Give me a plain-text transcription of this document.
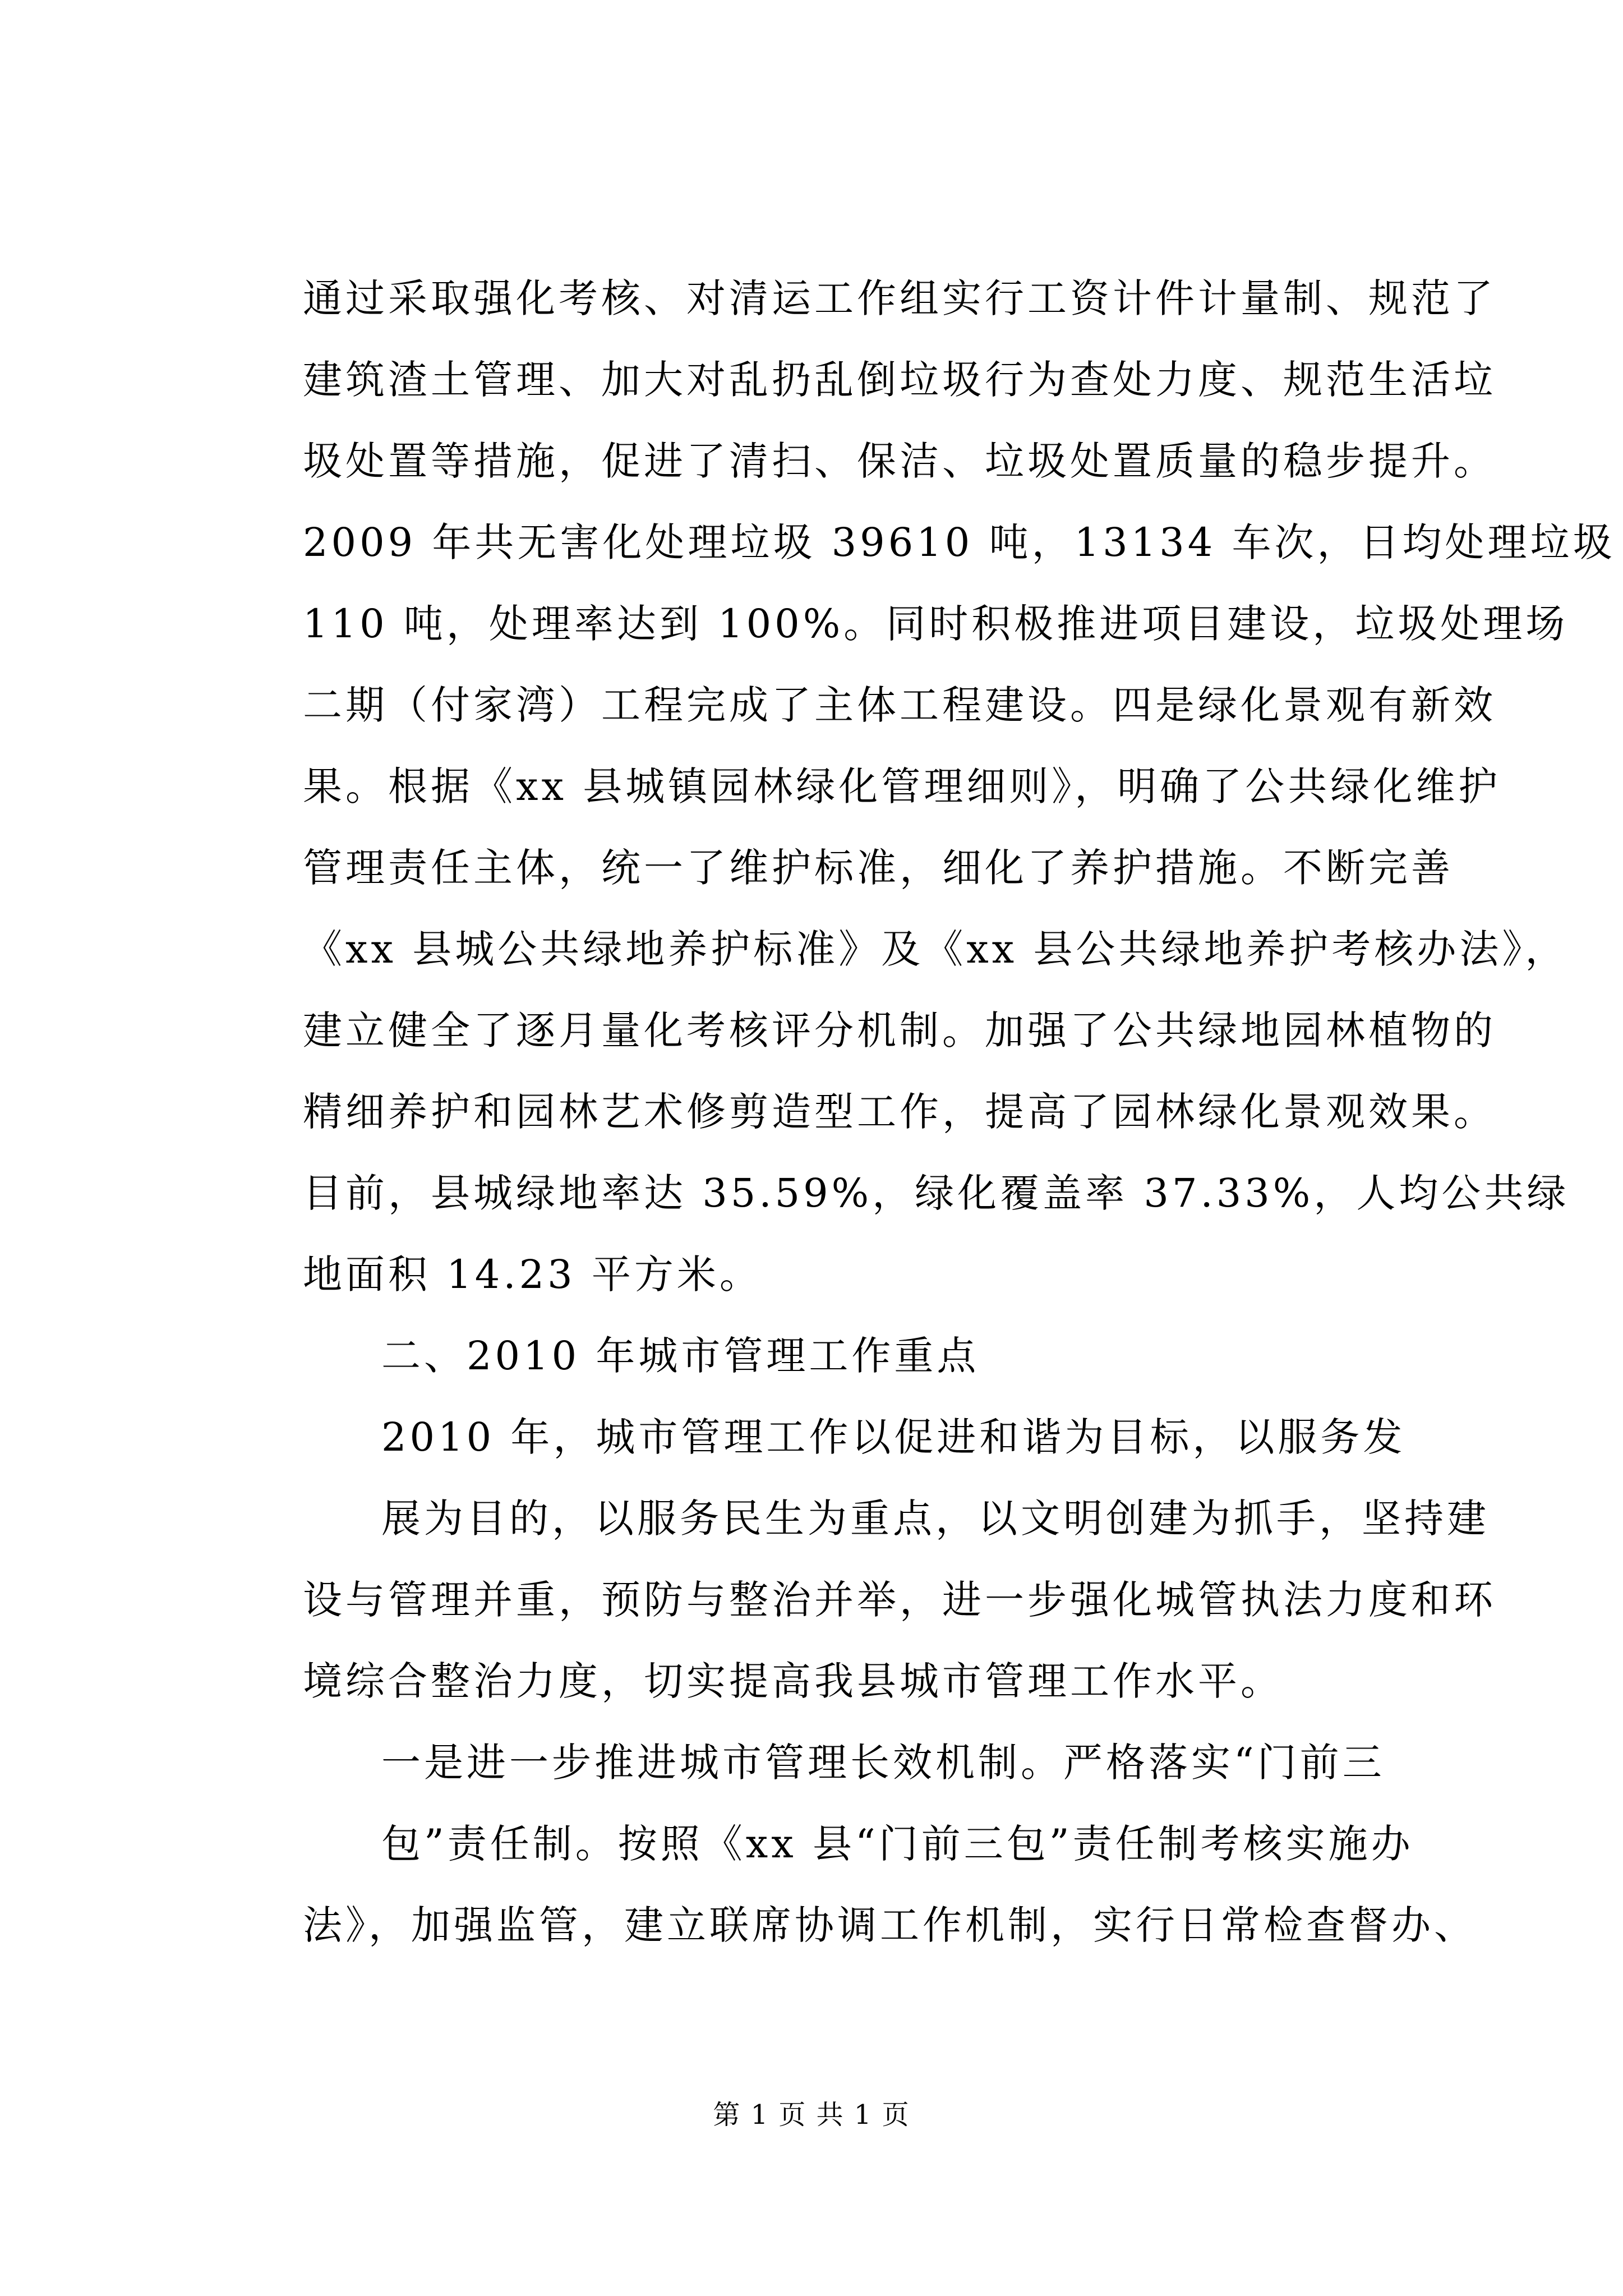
通过采取强化考核、对清运工作组实行工资计件计量制、规范了
建筑渣土管理、加大对乱扔乱倒垃圾行为查处力度、规范生活垃
圾处置等措施，促进了清扫、保洁、垃圾处置质量的稳步提升。
2009 年共无害化处理垃圾 39610 吨，13134 车次，日均处理垃圾
110 吨，处理率达到 100%。同时积极推进项目建设，垃圾处理场
二期（付家湾）工程完成了主体工程建设。四是绿化景观有新效
果。根据《xx 县城镇园林绿化管理细则》，明确了公共绿化维护
管理责任主体，统一了维护标准，细化了养护措施。不断完善
《xx 县城公共绿地养护标准》及《xx 县公共绿地养护考核办法》，
建立健全了逐月量化考核评分机制。加强了公共绿地园林植物的
精细养护和园林艺术修剪造型工作，提高了园林绿化景观效果。
目前，县城绿地率达 35.59%，绿化覆盖率 37.33%，人均公共绿
地面积 14.23 平方米。
二、2010 年城市管理工作重点
2010 年，城市管理工作以促进和谐为目标，以服务发
展为目的，以服务民生为重点，以文明创建为抓手，坚持建
设与管理并重，预防与整治并举，进一步强化城管执法力度和环
境综合整治力度，切实提高我县城市管理工作水平。
一是进一步推进城市管理长效机制。严格落实“门前三
包”责任制。按照《xx 县“门前三包”责任制考核实施办
法》，加强监管，建立联席协调工作机制，实行日常检查督办、
第 1 页 共 1 页
